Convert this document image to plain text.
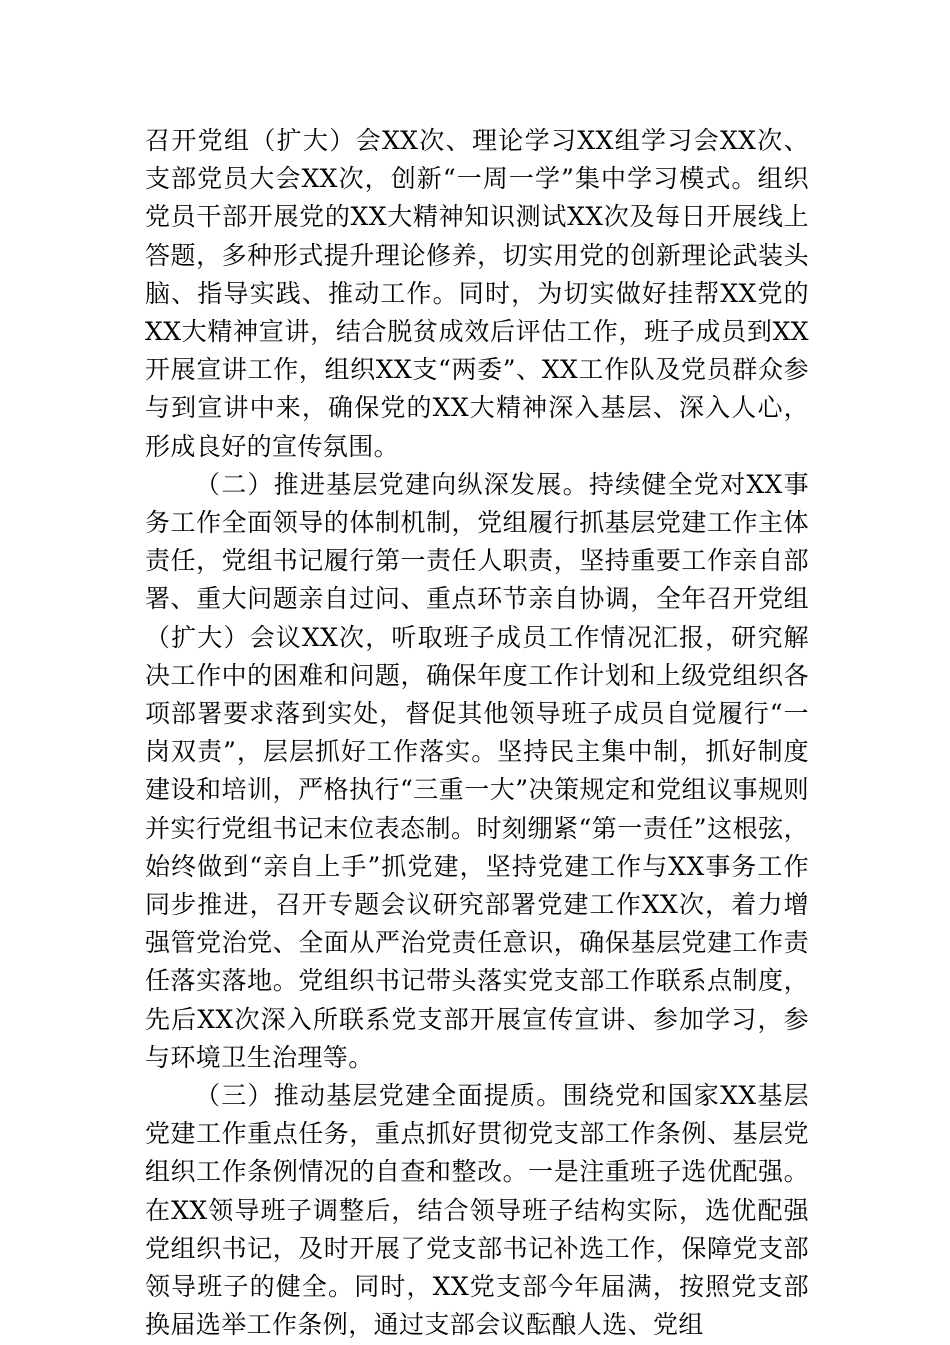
召开党组（扩大）会XX次、理论学习XX组学习会XX次、支部党员大会XX次，创新“一周一学”集中学习模式。组织党员干部开展党的XX大精神知识测试XX次及每日开展线上答题，多种形式提升理论修养，切实用党的创新理论武装头脑、指导实践、推动工作。同时，为切实做好挂帮XX党的XX大精神宣讲，结合脱贫成效后评估工作，班子成员到XX开展宣讲工作，组织XX支“两委”、XX工作队及党员群众参与到宣讲中来，确保党的XX大精神深入基层、深入人心，形成良好的宣传氛围。

（二）推进基层党建向纵深发展。持续健全党对XX事务工作全面领导的体制机制，党组履行抓基层党建工作主体责任，党组书记履行第一责任人职责，坚持重要工作亲自部署、重大问题亲自过问、重点环节亲自协调，全年召开党组（扩大）会议XX次，听取班子成员工作情况汇报，研究解决工作中的困难和问题，确保年度工作计划和上级党组织各项部署要求落到实处，督促其他领导班子成员自觉履行“一岗双责”，层层抓好工作落实。坚持民主集中制，抓好制度建设和培训，严格执行“三重一大”决策规定和党组议事规则并实行党组书记末位表态制。时刻绷紧“第一责任”这根弦，始终做到“亲自上手”抓党建，坚持党建工作与XX事务工作同步推进，召开专题会议研究部署党建工作XX次，着力增强管党治党、全面从严治党责任意识，确保基层党建工作责任落实落地。党组织书记带头落实党支部工作联系点制度，先后XX次深入所联系党支部开展宣传宣讲、参加学习，参与环境卫生治理等。

（三）推动基层党建全面提质。围绕党和国家XX基层党建工作重点任务，重点抓好贯彻党支部工作条例、基层党组织工作条例情况的自查和整改。一是注重班子选优配强。在XX领导班子调整后，结合领导班子结构实际，选优配强党组织书记，及时开展了党支部书记补选工作，保障党支部领导班子的健全。同时，XX党支部今年届满，按照党支部换届选举工作条例，通过支部会议酝酿人选、党组
